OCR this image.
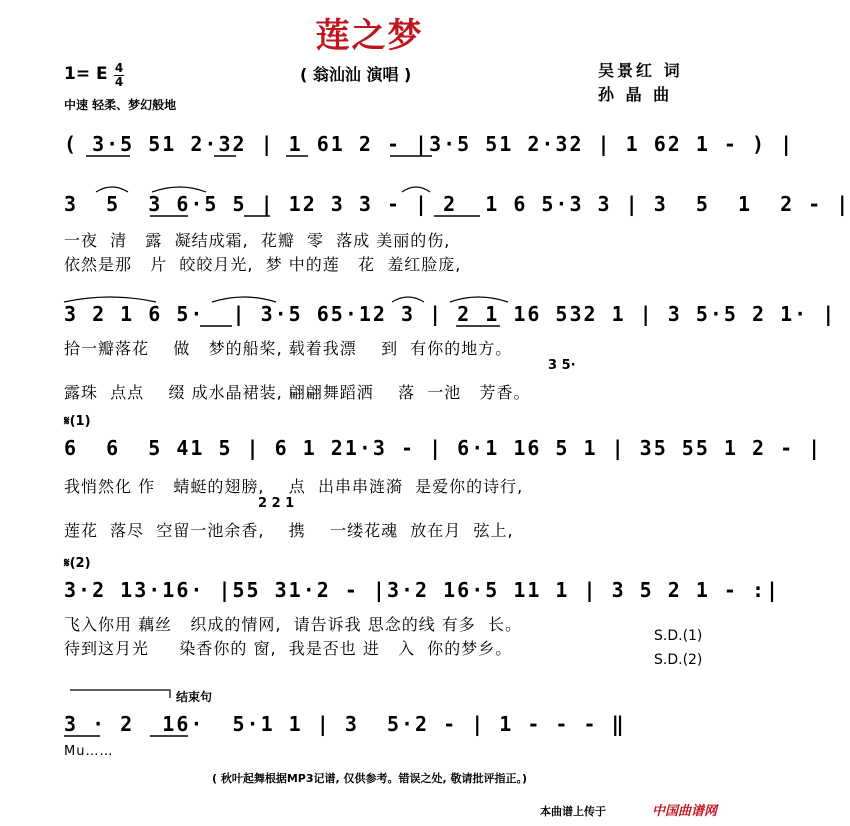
莲之梦
( 翁汕汕 演唱 )
1= E 4
4
中速 轻柔、梦幻般地
吴景红 词
孙 晶 曲
( 3·5 51 2·32 | 1 61 2 - |3·5 51 2·32 | 1 62 1 - ) |
3  5  3 6·5 5 | 12 3 3 - | 2  1 6 5·3 3 | 3  5  1  2 - |
一夜  清   露  凝结成霜,  花瓣  零  落成 美丽的伤,
依然是那   片  皎皎月光,  梦 中的莲   花  羞红脸庞,
3 2 1 6 5·  | 3·5 65·12 3 | 2 1 16 532 1 | 3 5·5 2 1· |
拾一瓣落花    做   梦的船桨, 载着我漂    到  有你的地方。
露珠  点点    缀 成水晶裙装, 翩翩舞蹈洒    落  一池   芳香。
3 5·
𝄋(1)
6  6  5 41 5 | 6 1 21·3 - | 6·1 16 5 1 | 35 55 1 2 - |
我悄然化 作   蜻蜓的翅膀,    点  出串串涟漪  是爱你的诗行,
2 2 1
莲花  落尽  空留一池余香,    携    一缕花魂  放在月  弦上,
𝄋(2)
3·2 13·16· |55 31·2 - |3·2 16·5 11 1 | 3 5 2 1 - :|
飞入你用 藕丝   织成的情网,  请告诉我 思念的线 有多  长。
待到这月光     染香你的 窗,  我是否也 进   入  你的梦乡。
S.D.(1)
S.D.(2)
结束句
3 · 2  16·  5·1 1 | 3  5·2 - | 1 - - - ‖
Mu……
( 秋叶起舞根据MP3记谱, 仅供参考。错误之处, 敬请批评指正。)
本曲谱上传于	中国曲谱网
